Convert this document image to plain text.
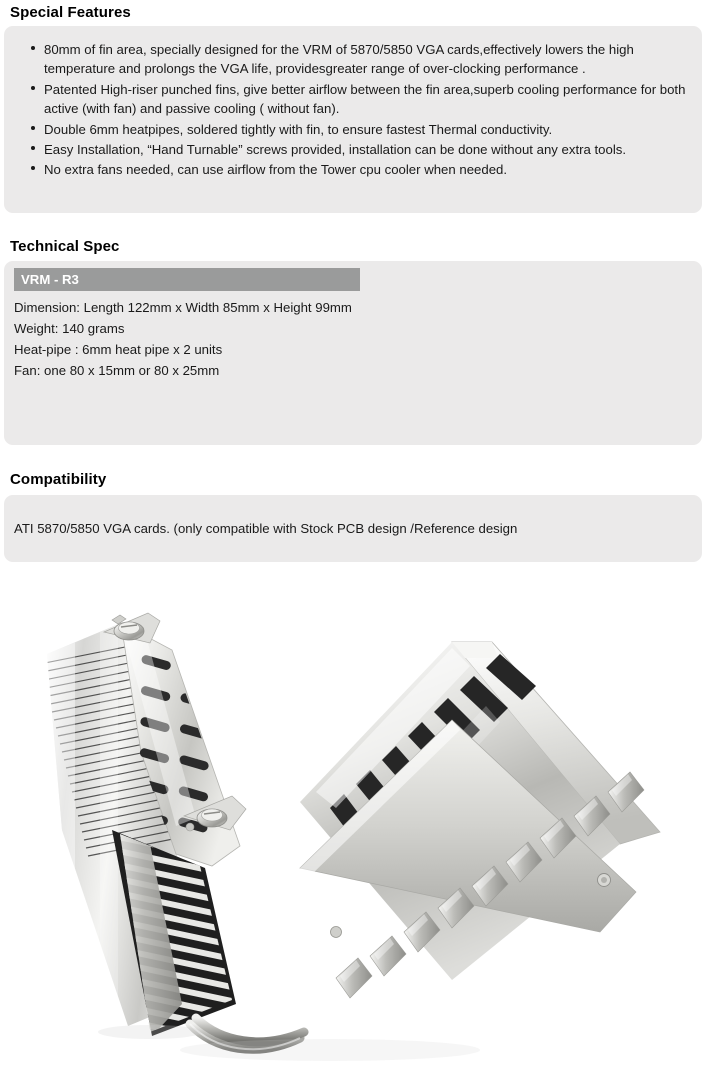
Special Features
80mm of fin area, specially designed for the VRM of 5870/5850 VGA cards,effectively lowers the high temperature and prolongs the VGA life, providesgreater range of over-clocking performance .
Patented High-riser punched fins, give better airflow between the fin area,superb cooling performance for both active (with fan) and passive cooling ( without fan).
Double 6mm heatpipes, soldered tightly with fin, to ensure fastest Thermal conductivity.
Easy Installation, “Hand Turnable” screws provided, installation can be done without any extra tools.
No extra fans needed, can use airflow from the Tower cpu cooler when needed.
Technical Spec
VRM - R3
Dimension: Length 122mm x Width 85mm x Height 99mm
Weight: 140 grams
Heat-pipe : 6mm heat pipe x 2 units
Fan: one 80 x 15mm or 80 x 25mm
Compatibility
ATI 5870/5850 VGA cards. (only compatible with Stock PCB design /Reference design
